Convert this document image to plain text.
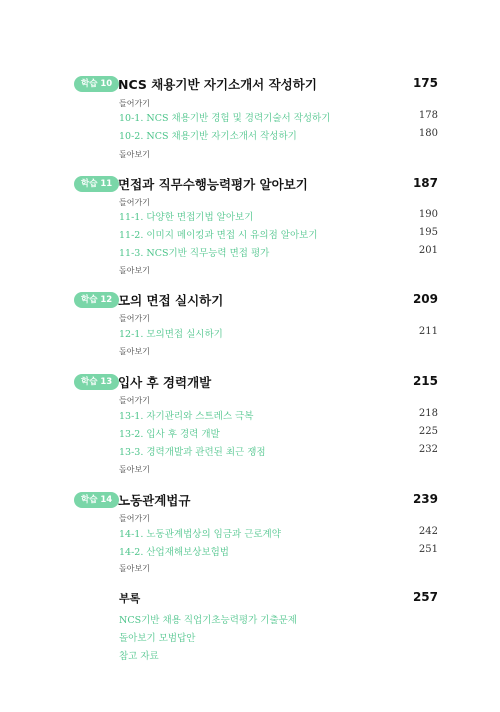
학습 10 NCS 채용기반 자기소개서 작성하기	175
들어가기
10-1. NCS 채용기반 경험 및 경력기술서 작성하기	178
10-2. NCS 채용기반 자기소개서 작성하기	180
돌아보기
학습 11 면접과 직무수행능력평가 알아보기	187
들어가기
11-1. 다양한 면접기법 알아보기	190
11-2. 이미지 메이킹과 면접 시 유의점 알아보기	195
11-3. NCS기반 직무능력 면접 평가	201
돌아보기
학습 12 모의 면접 실시하기	209
들어가기
12-1. 모의면접 실시하기	211
돌아보기
학습 13 입사 후 경력개발	215
들어가기
13-1. 자기관리와 스트레스 극복	218
13-2. 입사 후 경력 개발	225
13-3. 경력개발과 관련된 최근 쟁점	232
돌아보기
학습 14 노동관계법규	239
들어가기
14-1. 노동관계법상의 임금과 근로계약	242
14-2. 산업재해보상보험법	251
돌아보기
부록	257
NCS기반 채용 직업기초능력평가 기출문제
돌아보기 모범답안
참고 자료
